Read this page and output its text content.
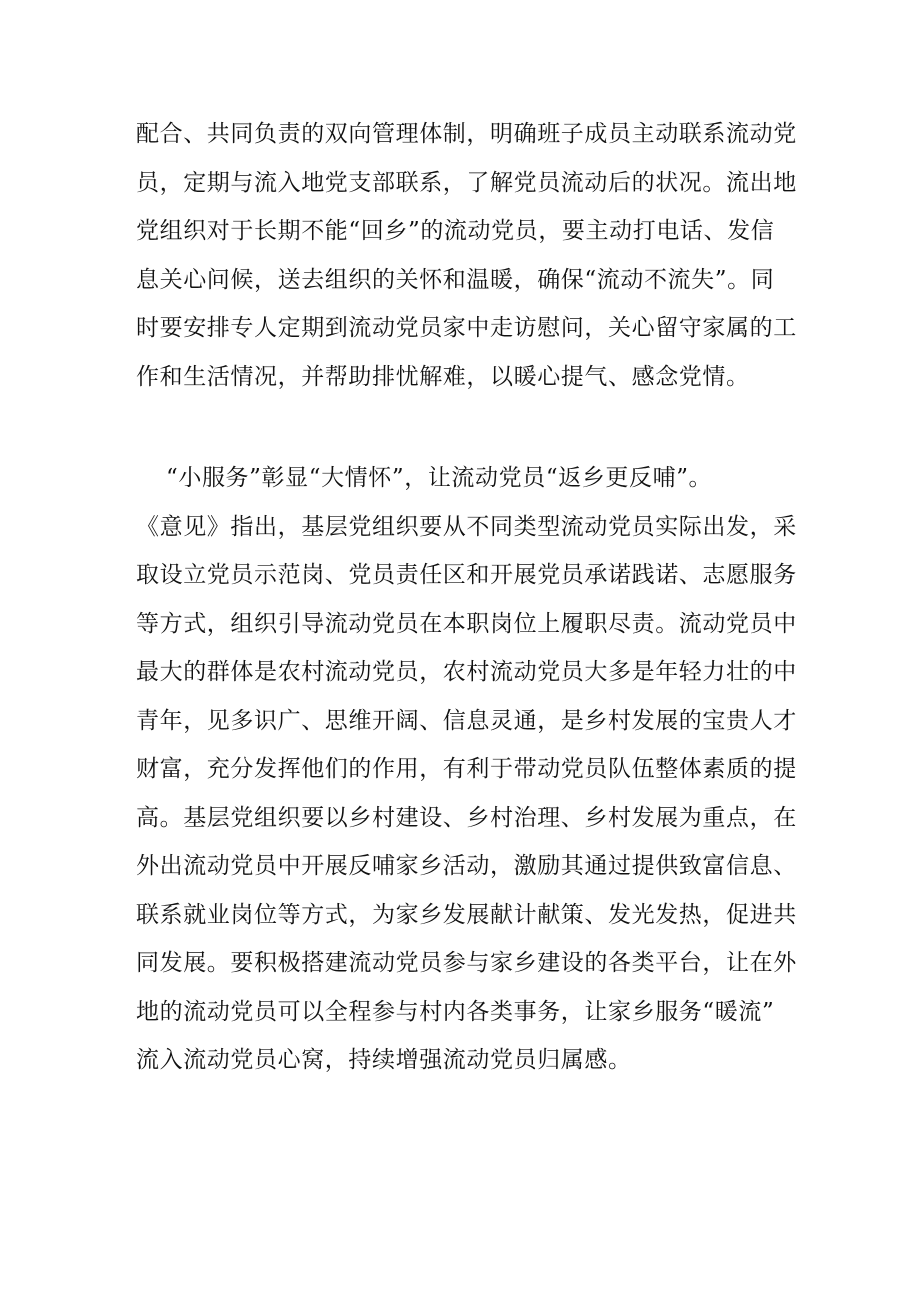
配合、共同负责的双向管理体制，明确班子成员主动联系流动党
员，定期与流入地党支部联系，了解党员流动后的状况。流出地
党组织对于长期不能“回乡”的流动党员，要主动打电话、发信
息关心问候，送去组织的关怀和温暖，确保“流动不流失”。同
时要安排专人定期到流动党员家中走访慰问，关心留守家属的工
作和生活情况，并帮助排忧解难，以暖心提气、感念党情。
“小服务”彰显“大情怀”，让流动党员“返乡更反哺”。
《意见》指出，基层党组织要从不同类型流动党员实际出发，采
取设立党员示范岗、党员责任区和开展党员承诺践诺、志愿服务
等方式，组织引导流动党员在本职岗位上履职尽责。流动党员中
最大的群体是农村流动党员，农村流动党员大多是年轻力壮的中
青年，见多识广、思维开阔、信息灵通，是乡村发展的宝贵人才
财富，充分发挥他们的作用，有利于带动党员队伍整体素质的提
高。基层党组织要以乡村建设、乡村治理、乡村发展为重点，在
外出流动党员中开展反哺家乡活动，激励其通过提供致富信息、
联系就业岗位等方式，为家乡发展献计献策、发光发热，促进共
同发展。要积极搭建流动党员参与家乡建设的各类平台，让在外
地的流动党员可以全程参与村内各类事务，让家乡服务“暖流”
流入流动党员心窝，持续增强流动党员归属感。
